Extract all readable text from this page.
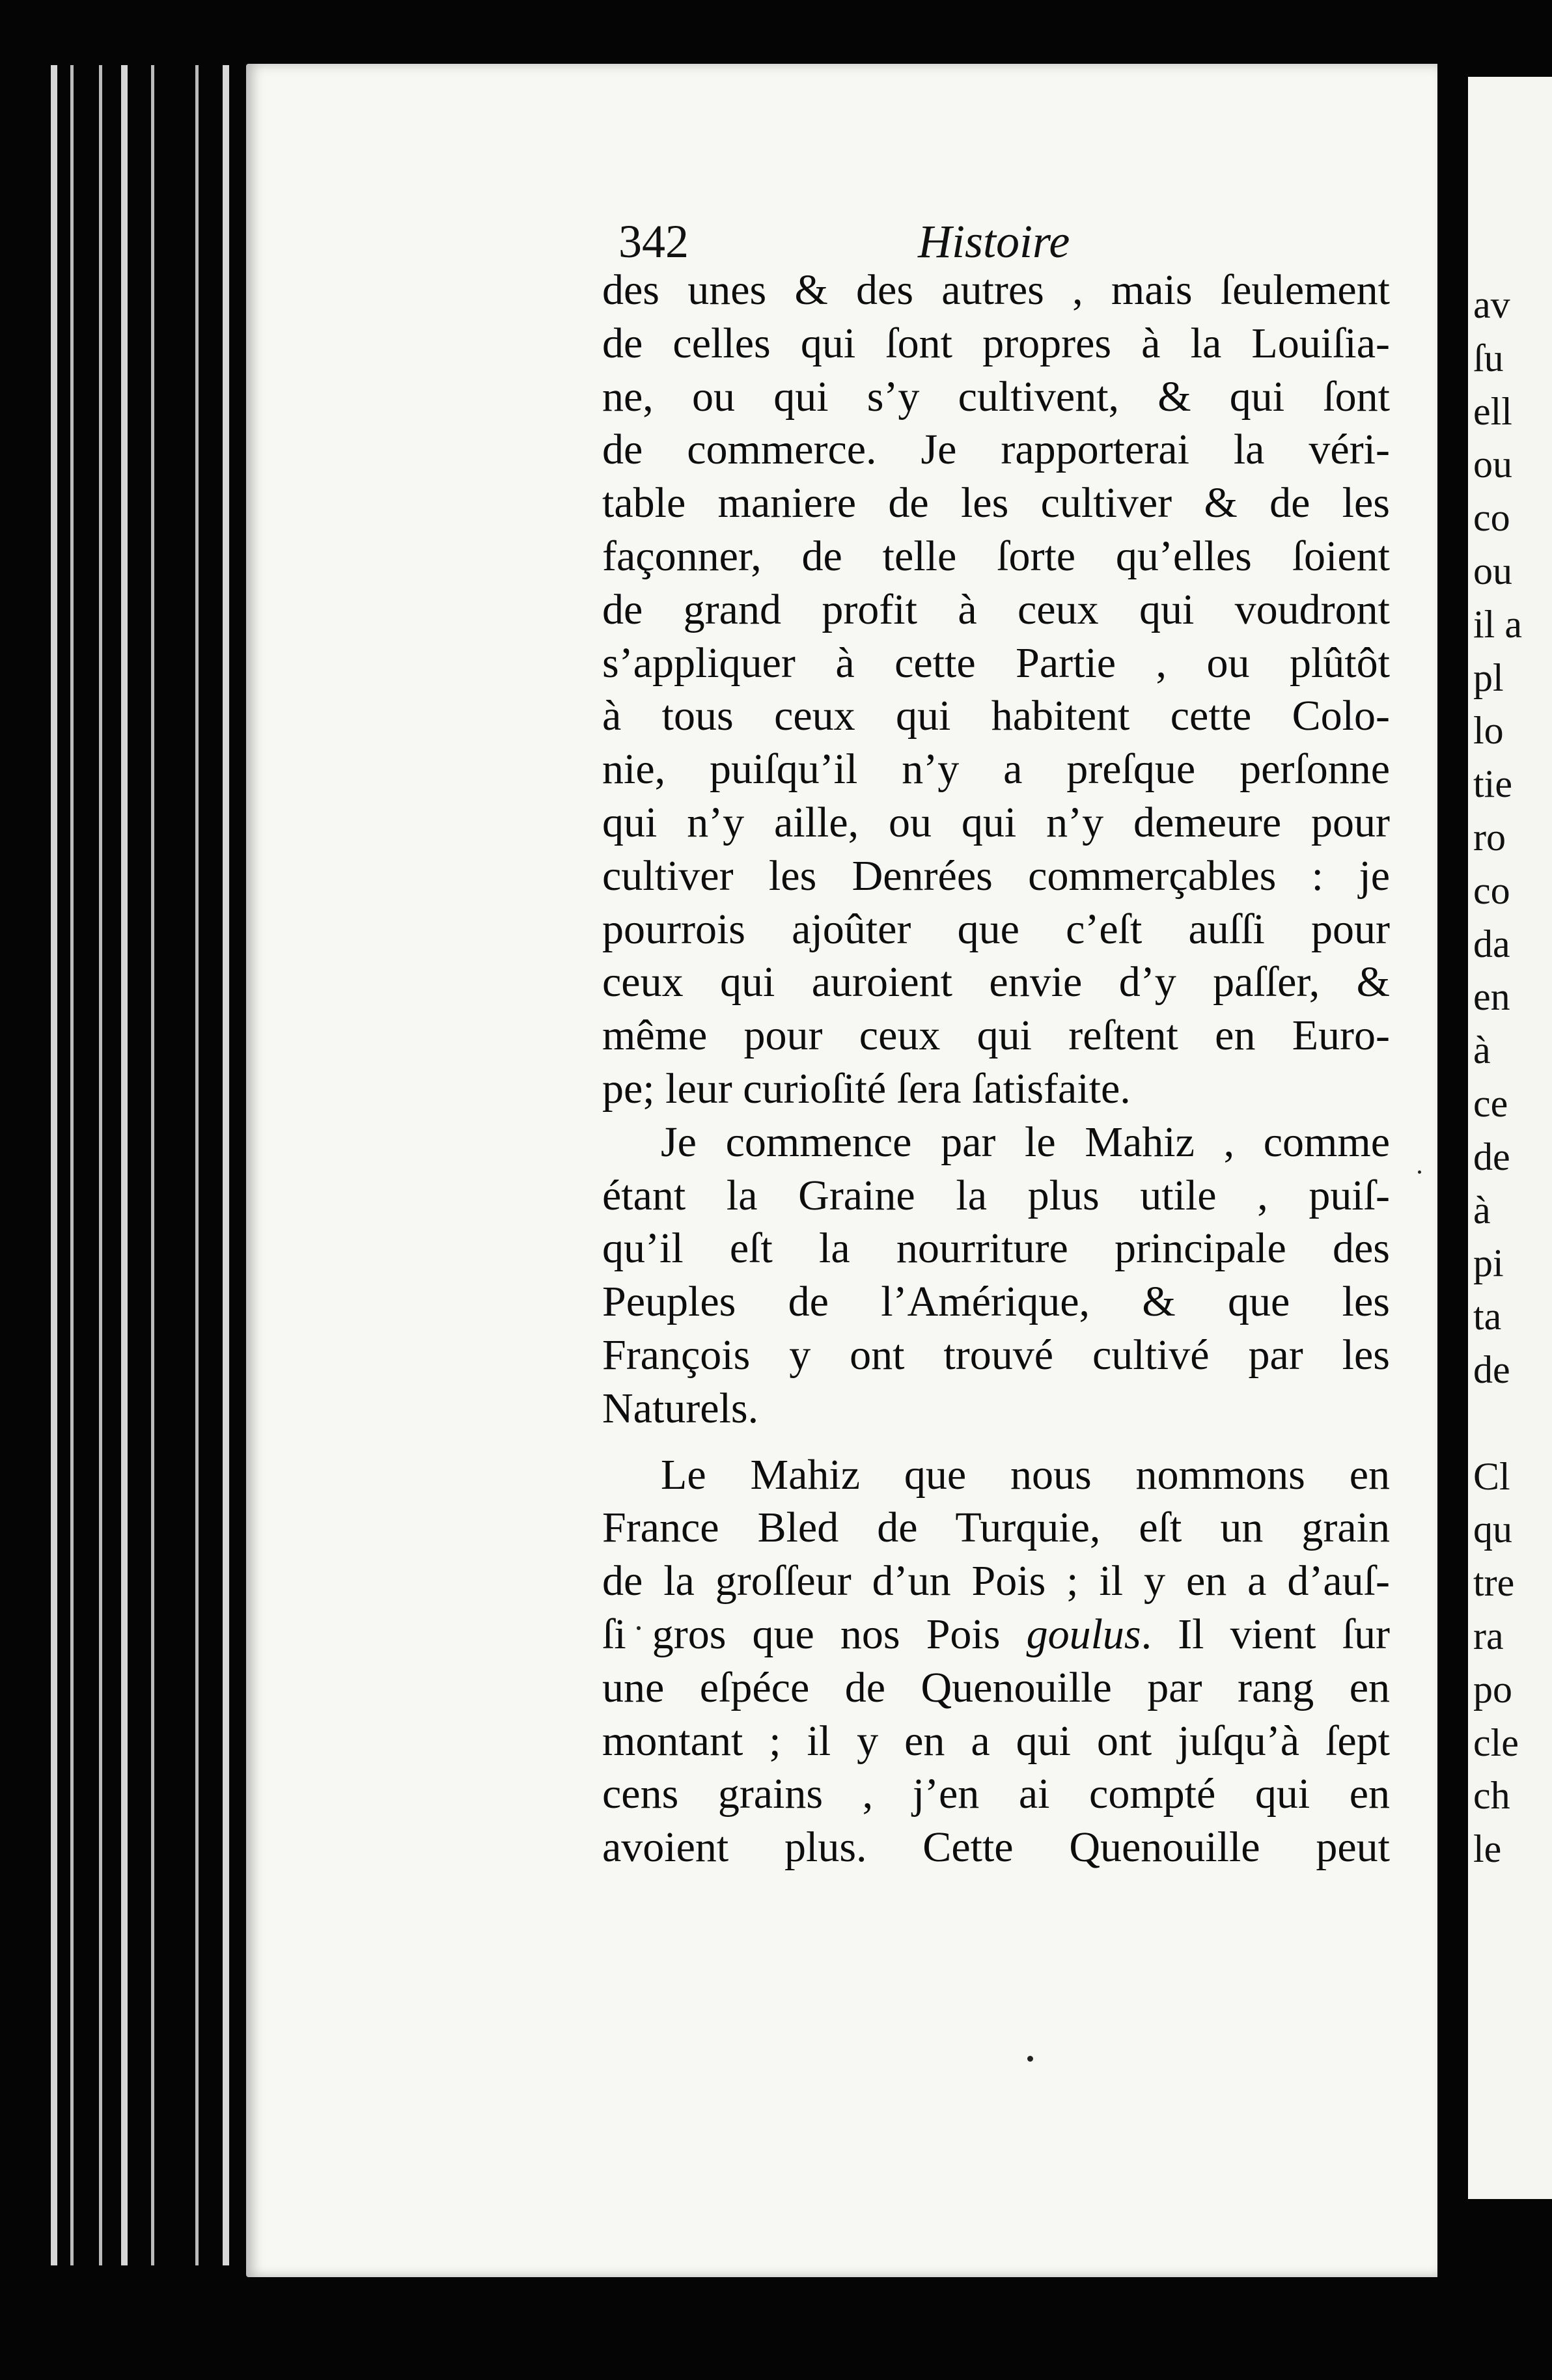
av
ſu
ell
ou
co
ou
il a
pl
lo
tie
ro
co
da
en
à
ce
de
à
pi
ta
de
Cl
qu
tre
ra
po
cle
ch
le
342	Histoire
des unes & des autres , mais ſeulement
de celles qui ſont propres à la Louiſia-
ne, ou qui s’y cultivent, & qui ſont
de commerce. Je rapporterai la véri-
table maniere de les cultiver & de les
façonner, de telle ſorte qu’elles ſoient
de grand profit à ceux qui voudront
s’appliquer à cette Partie , ou plûtôt
à tous ceux qui habitent cette Colo-
nie, puiſqu’il n’y a preſque perſonne
qui n’y aille, ou qui n’y demeure pour
cultiver les Denrées commerçables : je
pourrois ajoûter que c’eſt auſſi pour
ceux qui auroient envie d’y paſſer, &
même pour ceux qui reſtent en Euro-
pe; leur curioſité ſera ſatisfaite.
Je commence par le Mahiz , comme
étant la Graine la plus utile , puiſ-
qu’il eſt la nourriture principale des
Peuples de l’Amérique, & que les
François y ont trouvé cultivé par les
Naturels.
Le Mahiz que nous nommons en
France Bled de Turquie, eſt un grain
de la groſſeur d’un Pois ; il y en a d’auſ-
ſi gros que nos Pois goulus. Il vient ſur
une eſpéce de Quenouille par rang en
montant ; il y en a qui ont juſqu’à ſept
cens grains , j’en ai compté qui en
avoient plus. Cette Quenouille peut
